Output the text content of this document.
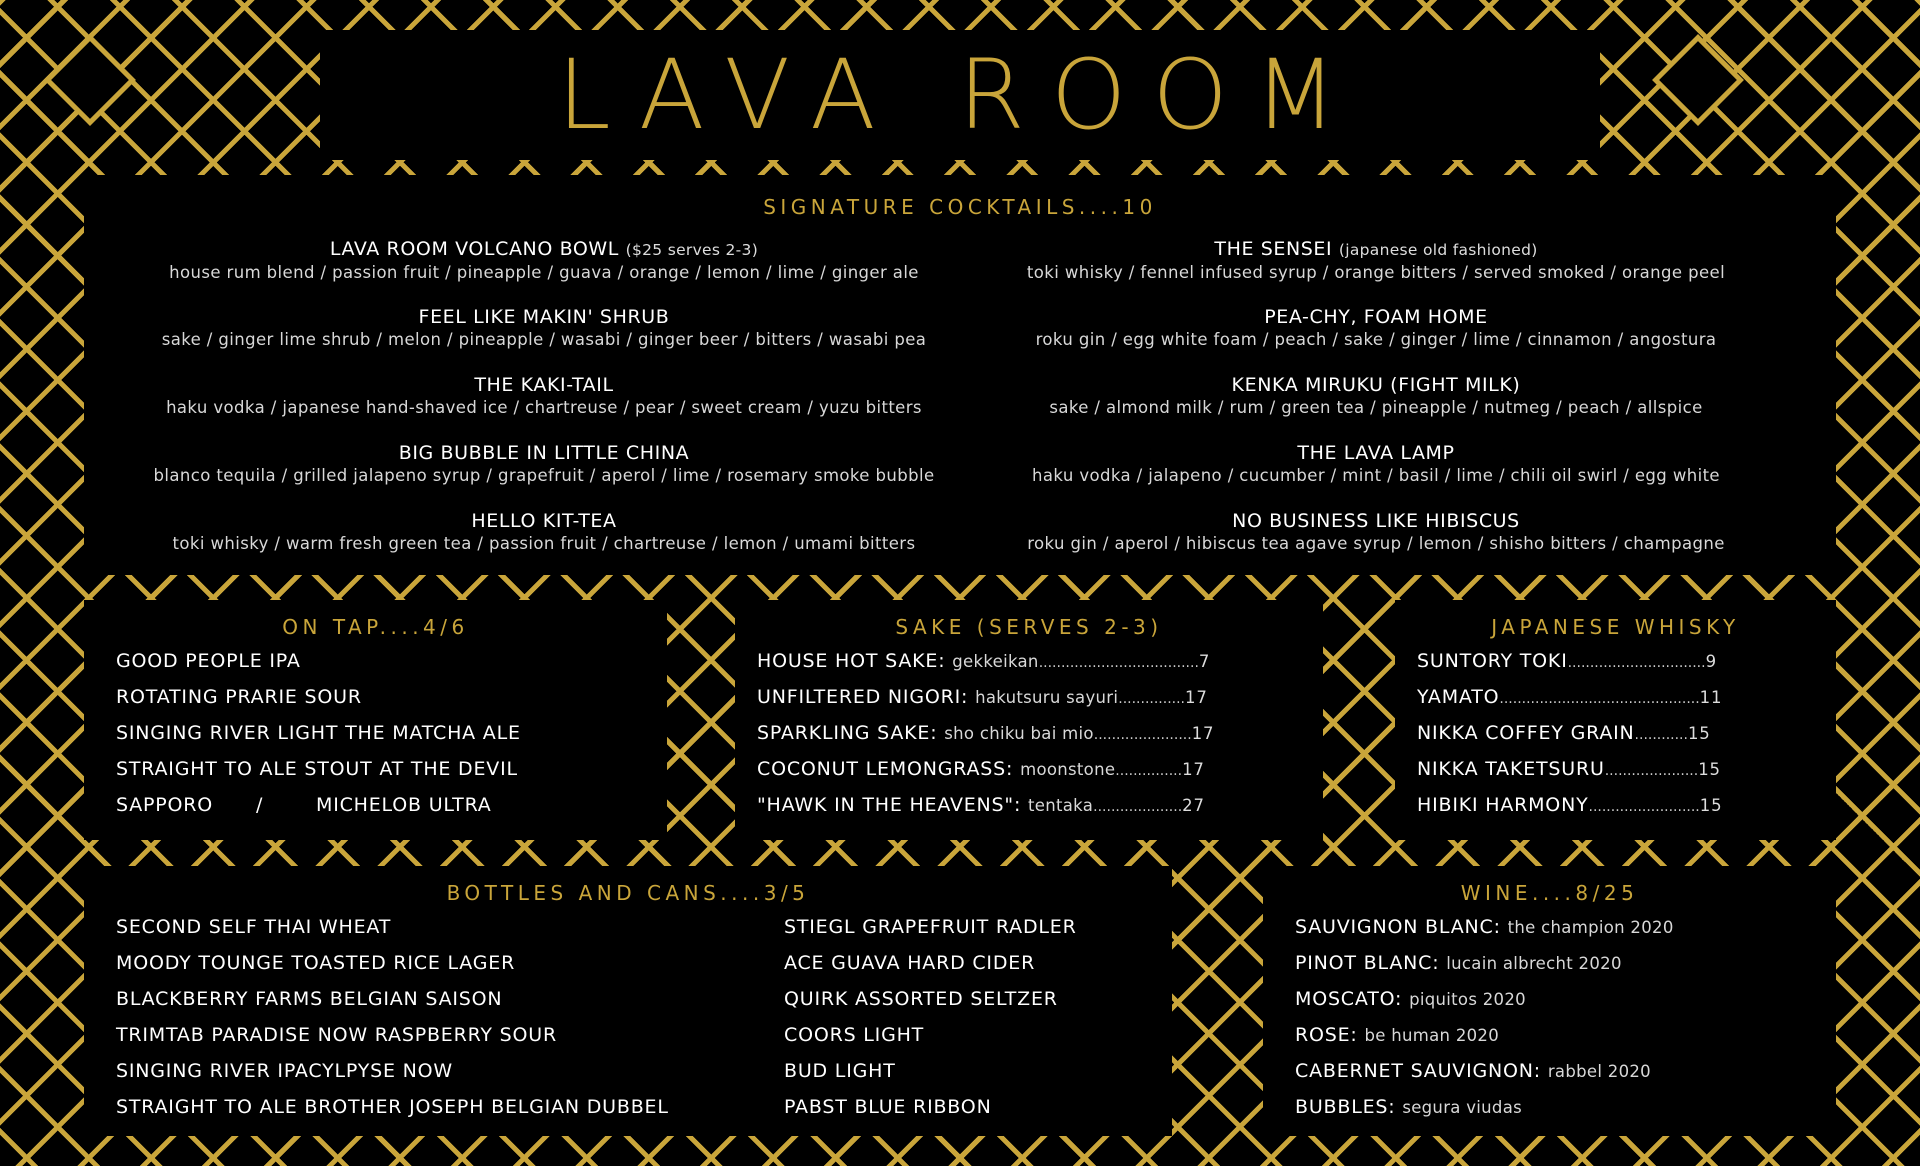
LAVA ROOM
SIGNATURE COCKTAILS....10
LAVA ROOM VOLCANO BOWL ($25 serves 2-3)
house rum blend / passion fruit / pineapple / guava / orange / lemon / lime / ginger ale
FEEL LIKE MAKIN' SHRUB
sake / ginger lime shrub / melon / pineapple / wasabi / ginger beer / bitters / wasabi pea
THE KAKI-TAIL
haku vodka / japanese hand-shaved ice / chartreuse / pear / sweet cream / yuzu bitters
BIG BUBBLE IN LITTLE CHINA
blanco tequila / grilled jalapeno syrup / grapefruit / aperol / lime / rosemary smoke bubble
HELLO KIT-TEA
toki whisky / warm fresh green tea / passion fruit / chartreuse / lemon / umami bitters
THE SENSEI (japanese old fashioned)
toki whisky / fennel infused syrup / orange bitters / served smoked / orange peel
PEA-CHY, FOAM HOME
roku gin / egg white foam / peach / sake / ginger / lime / cinnamon / angostura
KENKA MIRUKU (FIGHT MILK)
sake / almond milk / rum / green tea / pineapple / nutmeg / peach / allspice
THE LAVA LAMP
haku vodka / jalapeno / cucumber / mint / basil / lime / chili oil swirl / egg white
NO BUSINESS LIKE HIBISCUS
roku gin / aperol / hibiscus tea agave syrup / lemon / shisho bitters / champagne
ON TAP....4/6
GOOD PEOPLE IPA
ROTATING PRARIE SOUR
SINGING RIVER LIGHT THE MATCHA ALE
STRAIGHT TO ALE STOUT AT THE DEVIL
SAPPORO /	MICHELOB ULTRA
SAKE (SERVES 2-3)
HOUSE HOT SAKE: gekkeikan....................................7
UNFILTERED NIGORI: hakutsuru sayuri...............17
SPARKLING SAKE: sho chiku bai mio......................17
COCONUT LEMONGRASS: moonstone...............17
"HAWK IN THE HEAVENS": tentaka....................27
JAPANESE WHISKY
SUNTORY TOKI...............................9
YAMATO.............................................11
NIKKA COFFEY GRAIN............15
NIKKA TAKETSURU.....................15
HIBIKI HARMONY.........................15
BOTTLES AND CANS....3/5
SECOND SELF THAI WHEAT
MOODY TOUNGE TOASTED RICE LAGER
BLACKBERRY FARMS BELGIAN SAISON
TRIMTAB PARADISE NOW RASPBERRY SOUR
SINGING RIVER IPACYLPYSE NOW
STRAIGHT TO ALE BROTHER JOSEPH BELGIAN DUBBEL
STIEGL GRAPEFRUIT RADLER
ACE GUAVA HARD CIDER
QUIRK ASSORTED SELTZER
COORS LIGHT
BUD LIGHT
PABST BLUE RIBBON
WINE....8/25
SAUVIGNON BLANC: the champion 2020
PINOT BLANC: lucain albrecht 2020
MOSCATO: piquitos 2020
ROSE: be human 2020
CABERNET SAUVIGNON: rabbel 2020
BUBBLES: segura viudas
